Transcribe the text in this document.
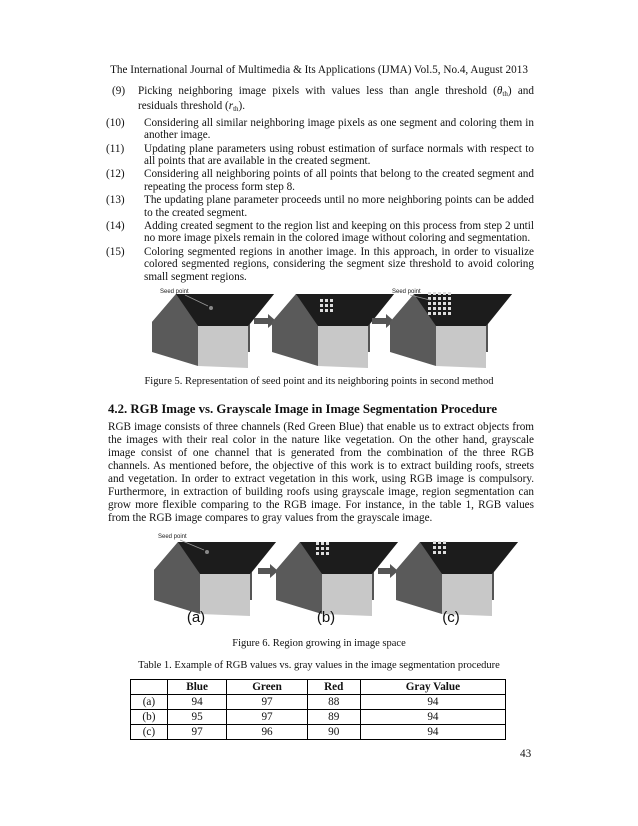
The International Journal of Multimedia & Its Applications (IJMA) Vol.5, No.4, August 2013
(9) Picking neighboring image pixels with values less than angle threshold $(\theta_{th})$ and residuals threshold $(r_{th})$.
(10) Considering all similar neighboring image pixels as one segment and coloring them in another image.
(11) Updating plane parameters using robust estimation of surface normals with respect to all points that are available in the created segment.
(12) Considering all neighboring points of all points that belong to the created segment and repeating the process form step 8.
(13) The updating plane parameter proceeds until no more neighboring points can be added to the created segment.
(14) Adding created segment to the region list and keeping on this process from step 2 until no more image pixels remain in the colored image without coloring and segmentation.
(15) Coloring segmented regions in another image. In this approach, in order to visualize colored segmented regions, considering the segment size threshold to avoid coloring small segment regions.
Seed point	Seed point
Figure 5. Representation of seed point and its neighboring points in second method
4.2. RGB Image vs. Grayscale Image in Image Segmentation Procedure
RGB image consists of three channels (Red Green Blue) that enable us to extract objects from the images with their real color in the nature like vegetation. On the other hand, grayscale image consist of one channel that is generated from the combination of the three RGB channels. As mentioned before, the objective of this work is to extract building roofs, streets and vegetation. In order to extract vegetation in this work, using RGB image is compulsory. Furthermore, in extraction of building roofs using grayscale image, region segmentation can grow more flexible comparing to the RGB image. For instance, in the table 1, RGB values from the RGB image compares to gray values from the grayscale image.
Seed point
(a)	(b)	(c)
Figure 6. Region growing in image space
Table 1. Example of RGB values vs. gray values in the image segmentation procedure
	Blue	Green	Red	Gray Value
(a)	94	97	88	94
(b)	95	97	89	94
(c)	97	96	90	94
43
